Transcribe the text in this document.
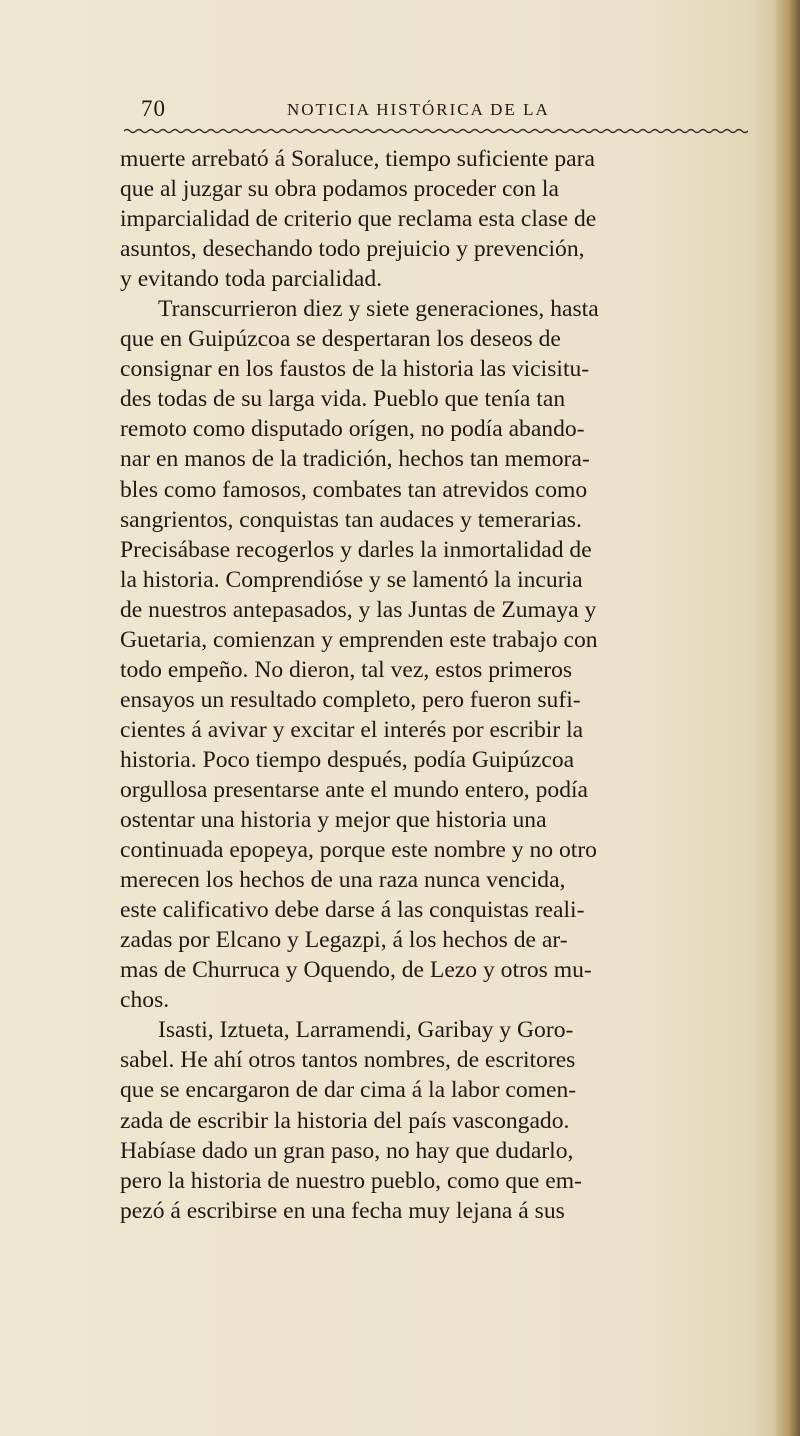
70	NOTICIA HISTÓRICA DE LA
muerte arrebató á Soraluce, tiempo suficiente para
que al juzgar su obra podamos proceder con la
imparcialidad de criterio que reclama esta clase de
asuntos, desechando todo prejuicio y prevención,
y evitando toda parcialidad.
Transcurrieron diez y siete generaciones, hasta
que en Guipúzcoa se despertaran los deseos de
consignar en los faustos de la historia las vicisitu-
des todas de su larga vida. Pueblo que tenía tan
remoto como disputado orígen, no podía abando-
nar en manos de la tradición, hechos tan memora-
bles como famosos, combates tan atrevidos como
sangrientos, conquistas tan audaces y temerarias.
Precisábase recogerlos y darles la inmortalidad de
la historia. Comprendióse y se lamentó la incuria
de nuestros antepasados, y las Juntas de Zumaya y
Guetaria, comienzan y emprenden este trabajo con
todo empeño. No dieron, tal vez, estos primeros
ensayos un resultado completo, pero fueron sufi-
cientes á avivar y excitar el interés por escribir la
historia. Poco tiempo después, podía Guipúzcoa
orgullosa presentarse ante el mundo entero, podía
ostentar una historia y mejor que historia una
continuada epopeya, porque este nombre y no otro
merecen los hechos de una raza nunca vencida,
este calificativo debe darse á las conquistas reali-
zadas por Elcano y Legazpi, á los hechos de ar-
mas de Churruca y Oquendo, de Lezo y otros mu-
chos.
Isasti, Iztueta, Larramendi, Garibay y Goro-
sabel. He ahí otros tantos nombres, de escritores
que se encargaron de dar cima á la labor comen-
zada de escribir la historia del país vascongado.
Habíase dado un gran paso, no hay que dudarlo,
pero la historia de nuestro pueblo, como que em-
pezó á escribirse en una fecha muy lejana á sus
